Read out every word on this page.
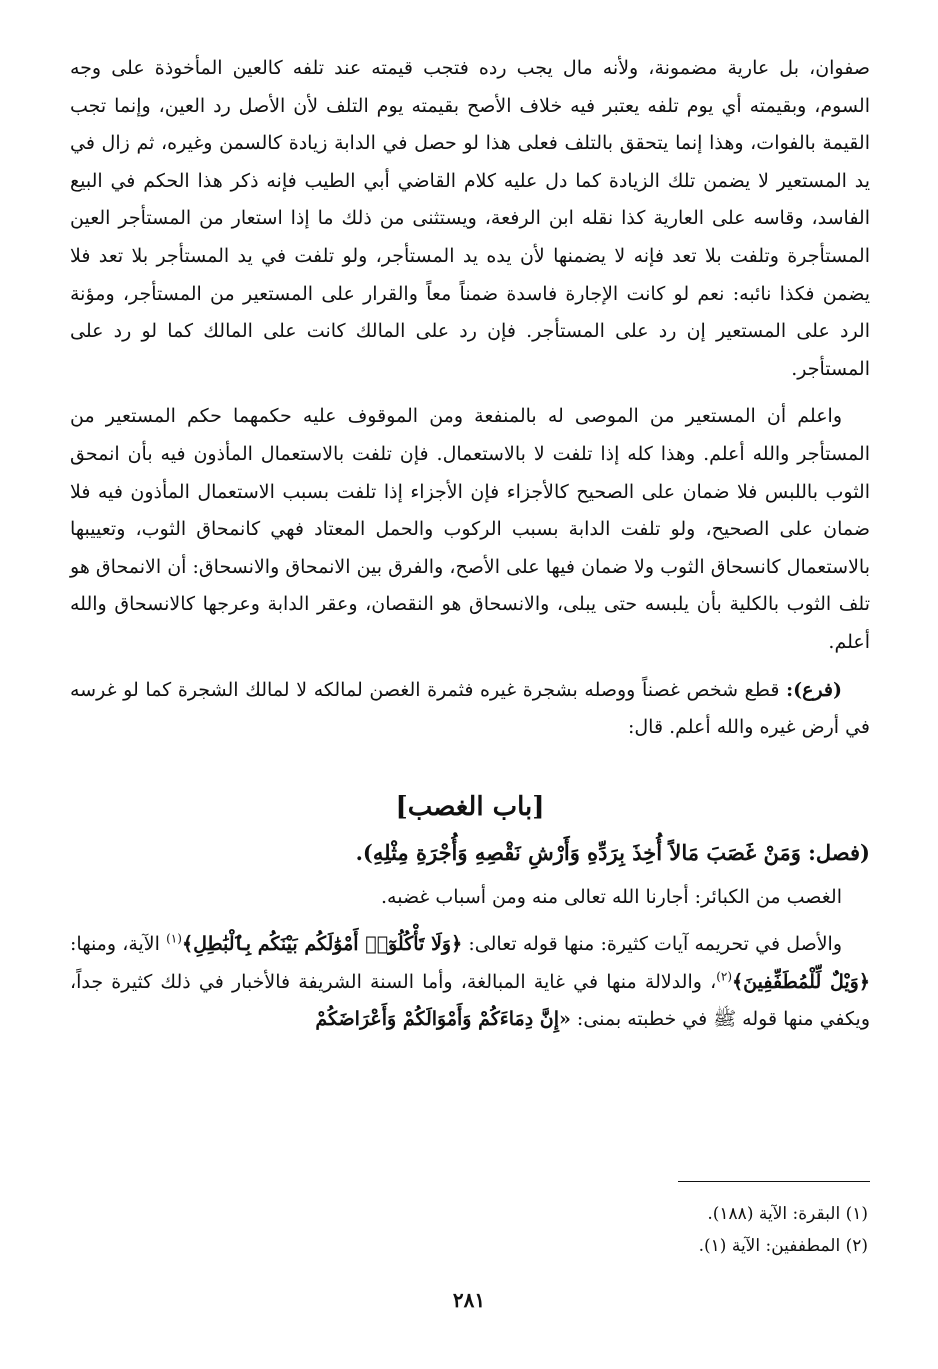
صفوان، بل عارية مضمونة، ولأنه مال يجب رده فتجب قيمته عند تلفه كالعين المأخوذة على وجه السوم، وبقيمته أي يوم تلفه يعتبر فيه خلاف الأصح بقيمته يوم التلف لأن الأصل رد العين، وإنما تجب القيمة بالفوات، وهذا إنما يتحقق بالتلف فعلى هذا لو حصل في الدابة زيادة كالسمن وغيره، ثم زال في يد المستعير لا يضمن تلك الزيادة كما دل عليه كلام القاضي أبي الطيب فإنه ذكر هذا الحكم في البيع الفاسد، وقاسه على العارية كذا نقله ابن الرفعة، ويستثنى من ذلك ما إذا استعار من المستأجر العين المستأجرة وتلفت بلا تعد فإنه لا يضمنها لأن يده يد المستأجر، ولو تلفت في يد المستأجر بلا تعد فلا يضمن فكذا نائبه: نعم لو كانت الإجارة فاسدة ضمناً معاً والقرار على المستعير من المستأجر، ومؤنة الرد على المستعير إن رد على المستأجر. فإن رد على المالك كانت على المالك كما لو رد على المستأجر.

واعلم أن المستعير من الموصى له بالمنفعة ومن الموقوف عليه حكمهما حكم المستعير من المستأجر والله أعلم. وهذا كله إذا تلفت لا بالاستعمال. فإن تلفت بالاستعمال المأذون فيه بأن انمحق الثوب باللبس فلا ضمان على الصحيح كالأجزاء فإن الأجزاء إذا تلفت بسبب الاستعمال المأذون فيه فلا ضمان على الصحيح، ولو تلفت الدابة بسبب الركوب والحمل المعتاد فهي كانمحاق الثوب، وتعييبها بالاستعمال كانسحاق الثوب ولا ضمان فيها على الأصح، والفرق بين الانمحاق والانسحاق: أن الانمحاق هو تلف الثوب بالكلية بأن يلبسه حتى يبلى، والانسحاق هو النقصان، وعقر الدابة وعرجها كالانسحاق والله أعلم.

(فرع): قطع شخص غصناً ووصله بشجرة غيره فثمرة الغصن لمالكه لا لمالك الشجرة كما لو غرسه في أرض غيره والله أعلم. قال:

[باب الغصب]

(فصل: وَمَنْ غَصَبَ مَالاً أُخِذَ بِرَدِّهِ وَأَرْشِ نَقْصِهِ وَأُجْرَةِ مِثْلِهِ).

الغصب من الكبائر: أجارنا الله تعالى منه ومن أسباب غضبه.

والأصل في تحريمه آيات كثيرة: منها قوله تعالى: ﴿وَلَا تَأْكُلُوٓا۟ أَمْوَٰلَكُم بَيْنَكُم بِٱلْبَٰطِلِ﴾$^{(١)}$ الآية، ومنها: ﴿وَيْلٌ لِّلْمُطَفِّفِينَ﴾$^{(٢)}$، والدلالة منها في غاية المبالغة، وأما السنة الشريفة فالأخبار في ذلك كثيرة جداً، ويكفي منها قوله ﷺ في خطبته بمنى: «إِنَّ دِمَاءَكُمْ وَأَمْوَالَكُمْ وَأَعْرَاضَكُمْ

(١) البقرة: الآية (١٨٨).
(٢) المطففين: الآية (١).
٢٨١
